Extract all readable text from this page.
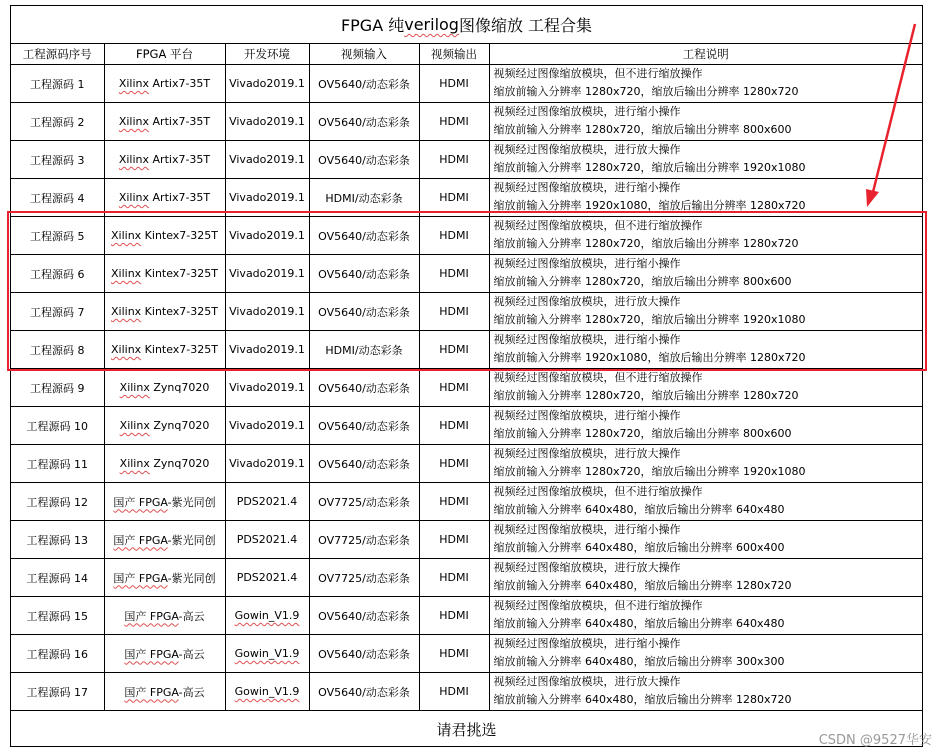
FPGA 纯 verilog 图像缩放 工程合集
工程源码序号	FPGA 平台	开发环境	视频输入	视频输出	工程说明
工程源码 1	Xilinx Artix7-35T	Vivado2019.1	OV5640/动态彩条	HDMI	视频经过图像缩放模块，但不进行缩放操作
缩放前输入分辨率 1280x720，缩放后输出分辨率 1280x720

工程源码 2	Xilinx Artix7-35T	Vivado2019.1	OV5640/动态彩条	HDMI	视频经过图像缩放模块，进行缩小操作
缩放前输入分辨率 1280x720，缩放后输出分辨率 800x600

工程源码 3	Xilinx Artix7-35T	Vivado2019.1	OV5640/动态彩条	HDMI	视频经过图像缩放模块，进行放大操作
缩放前输入分辨率 1280x720，缩放后输出分辨率 1920x1080

工程源码 4	Xilinx Artix7-35T	Vivado2019.1	HDMI/动态彩条	HDMI	视频经过图像缩放模块，进行缩小操作
缩放前输入分辨率 1920x1080，缩放后输出分辨率 1280x720

工程源码 5	Xilinx Kintex7-325T	Vivado2019.1	OV5640/动态彩条	HDMI	视频经过图像缩放模块，但不进行缩放操作
缩放前输入分辨率 1280x720，缩放后输出分辨率 1280x720

工程源码 6	Xilinx Kintex7-325T	Vivado2019.1	OV5640/动态彩条	HDMI	视频经过图像缩放模块，进行缩小操作
缩放前输入分辨率 1280x720，缩放后输出分辨率 800x600

工程源码 7	Xilinx Kintex7-325T	Vivado2019.1	OV5640/动态彩条	HDMI	视频经过图像缩放模块，进行放大操作
缩放前输入分辨率 1280x720，缩放后输出分辨率 1920x1080

工程源码 8	Xilinx Kintex7-325T	Vivado2019.1	HDMI/动态彩条	HDMI	视频经过图像缩放模块，进行缩小操作
缩放前输入分辨率 1920x1080，缩放后输出分辨率 1280x720

工程源码 9	Xilinx Zynq7020	Vivado2019.1	OV5640/动态彩条	HDMI	视频经过图像缩放模块，但不进行缩放操作
缩放前输入分辨率 1280x720，缩放后输出分辨率 1280x720

工程源码 10	Xilinx Zynq7020	Vivado2019.1	OV5640/动态彩条	HDMI	视频经过图像缩放模块，进行缩小操作
缩放前输入分辨率 1280x720，缩放后输出分辨率 800x600

工程源码 11	Xilinx Zynq7020	Vivado2019.1	OV5640/动态彩条	HDMI	视频经过图像缩放模块，进行放大操作
缩放前输入分辨率 1280x720，缩放后输出分辨率 1920x1080

工程源码 12	国产 FPGA-紫光同创	PDS2021.4	OV7725/动态彩条	HDMI	视频经过图像缩放模块，但不进行缩放操作
缩放前输入分辨率 640x480，缩放后输出分辨率 640x480

工程源码 13	国产 FPGA-紫光同创	PDS2021.4	OV7725/动态彩条	HDMI	视频经过图像缩放模块，进行缩小操作
缩放前输入分辨率 640x480，缩放后输出分辨率 600x400

工程源码 14	国产 FPGA-紫光同创	PDS2021.4	OV7725/动态彩条	HDMI	视频经过图像缩放模块，进行放大操作
缩放前输入分辨率 640x480，缩放后输出分辨率 1280x720

工程源码 15	国产 FPGA-高云	Gowin_V1.9	OV5640/动态彩条	HDMI	视频经过图像缩放模块，但不进行缩放操作
缩放前输入分辨率 640x480，缩放后输出分辨率 640x480

工程源码 16	国产 FPGA-高云	Gowin_V1.9	OV5640/动态彩条	HDMI	视频经过图像缩放模块，进行缩小操作
缩放前输入分辨率 640x480，缩放后输出分辨率 300x300

工程源码 17	国产 FPGA-高云	Gowin_V1.9	OV5640/动态彩条	HDMI	视频经过图像缩放模块，进行放大操作
缩放前输入分辨率 640x480，缩放后输出分辨率 1280x720
请君挑选
CSDN @9527华安
